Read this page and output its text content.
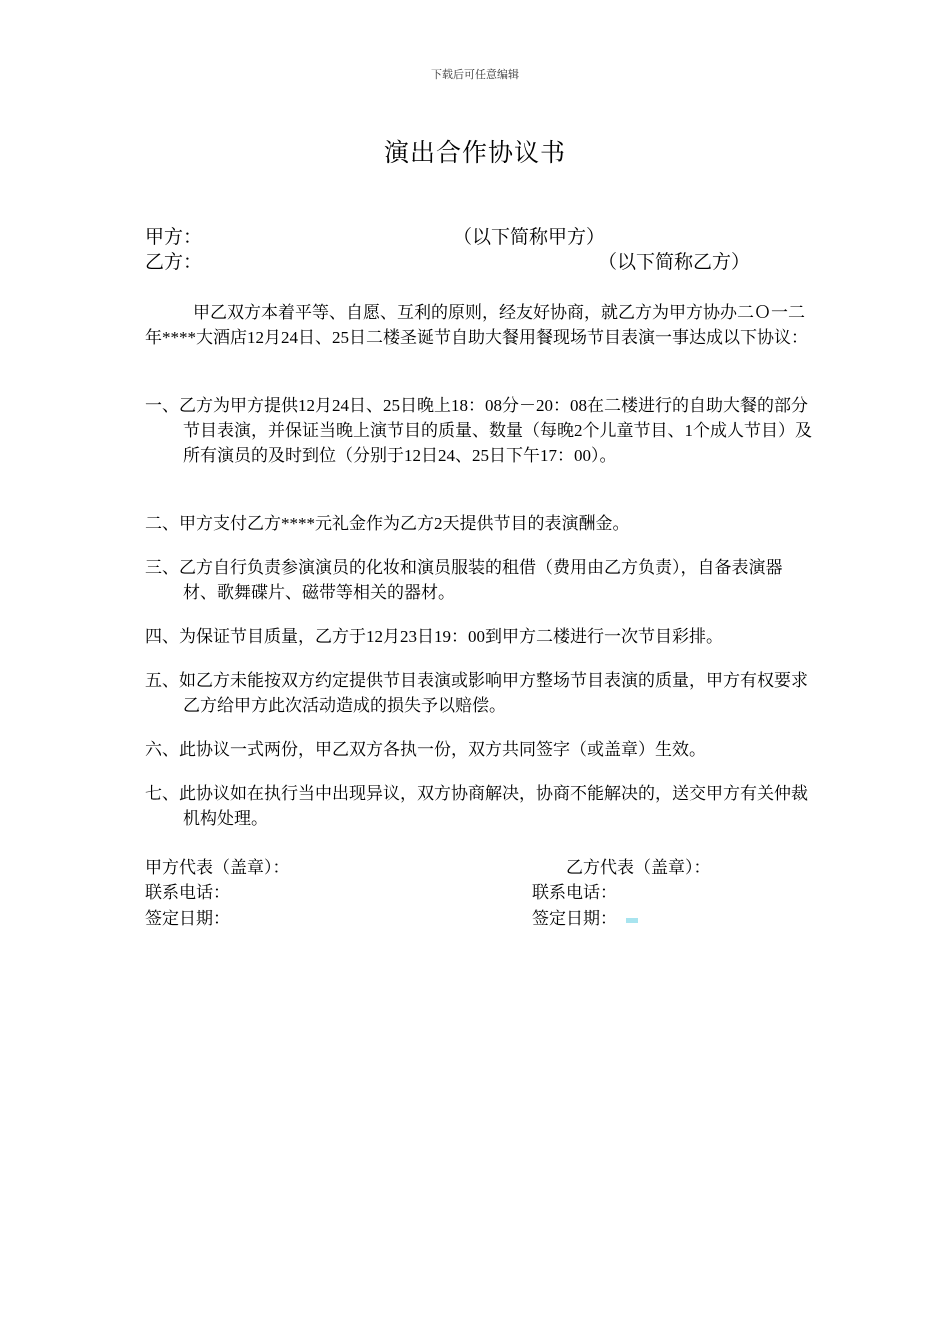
下载后可任意编辑
演出合作协议书
甲方：	（以下简称甲方）
乙方：	（以下简称乙方）
甲乙双方本着平等、自愿、互利的原则，经友好协商，就乙方为甲方协办二Ｏ一二年****大酒店12月24日、25日二楼圣诞节自助大餐用餐现场节目表演一事达成以下协议：
一、乙方为甲方提供12月24日、25日晚上18：08分－20：08在二楼进行的自助大餐的部分节目表演，并保证当晚上演节目的质量、数量（每晚2个儿童节目、1个成人节目）及所有演员的及时到位（分别于12日24、25日下午17：00）。
二、甲方支付乙方****元礼金作为乙方2天提供节目的表演酬金。
三、乙方自行负责参演演员的化妆和演员服装的租借（费用由乙方负责），自备表演器材、歌舞碟片、磁带等相关的器材。
四、为保证节目质量，乙方于12月23日19：00到甲方二楼进行一次节目彩排。
五、如乙方未能按双方约定提供节目表演或影响甲方整场节目表演的质量，甲方有权要求乙方给甲方此次活动造成的损失予以赔偿。
六、此协议一式两份，甲乙双方各执一份，双方共同签字（或盖章）生效。
七、此协议如在执行当中出现异议，双方协商解决，协商不能解决的，送交甲方有关仲裁机构处理。
甲方代表（盖章）：	乙方代表（盖章）：
联系电话：	联系电话：
签定日期：	签定日期：
